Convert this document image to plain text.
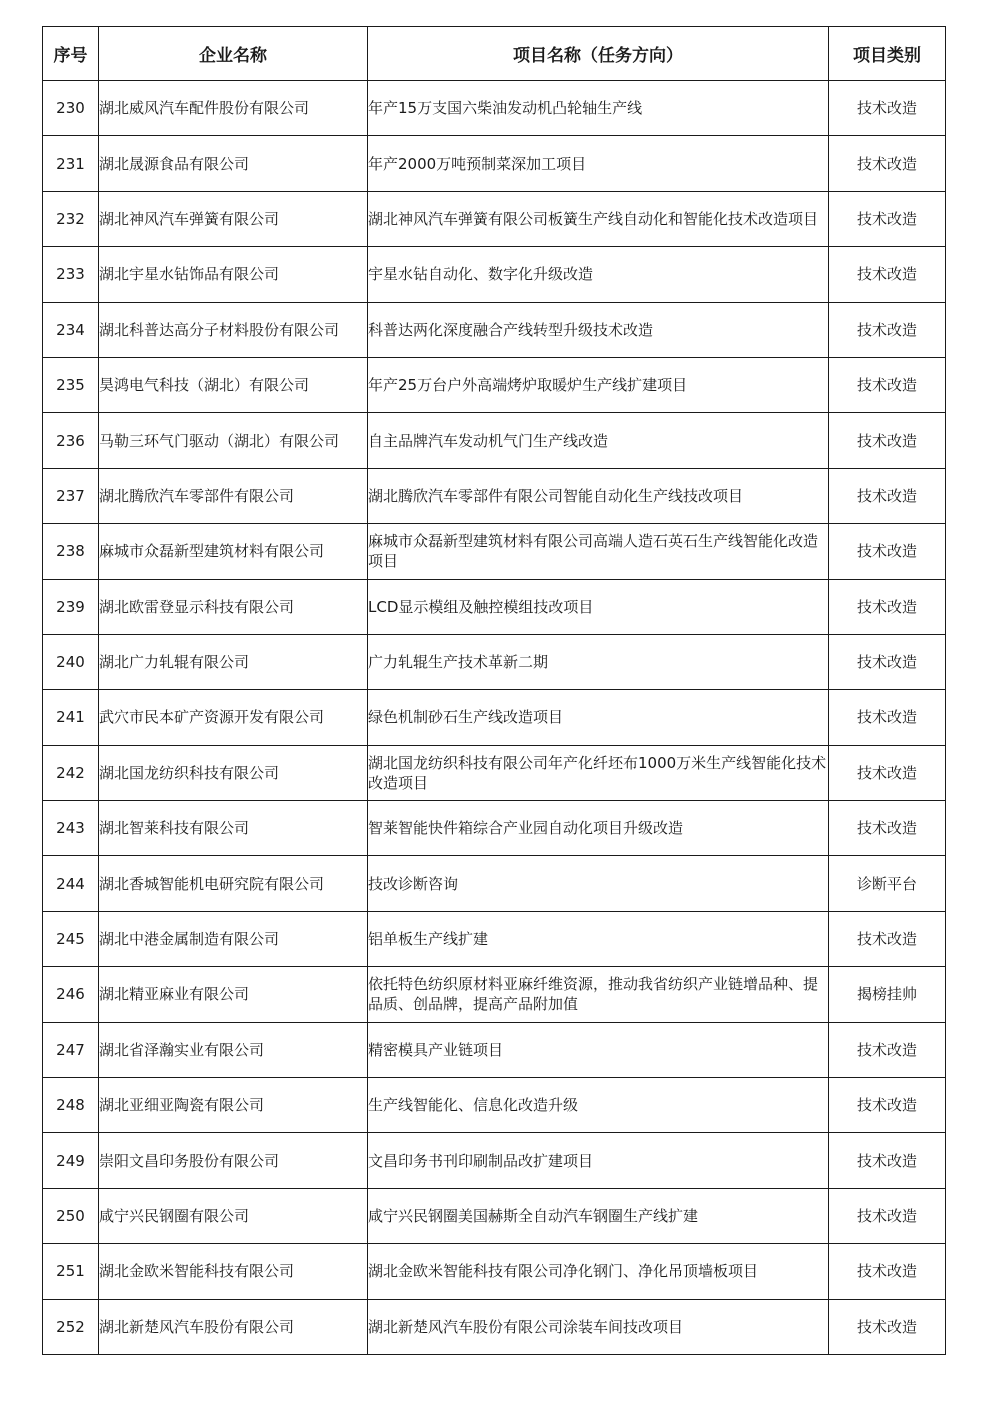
序号	企业名称	项目名称（任务方向）	项目类别
230	湖北威风汽车配件股份有限公司	年产15万支国六柴油发动机凸轮轴生产线	技术改造
231	湖北晟源食品有限公司	年产2000万吨预制菜深加工项目	技术改造
232	湖北神风汽车弹簧有限公司	湖北神风汽车弹簧有限公司板簧生产线自动化和智能化技术改造项目	技术改造
233	湖北宇星水钻饰品有限公司	宇星水钻自动化、数字化升级改造	技术改造
234	湖北科普达高分子材料股份有限公司	科普达两化深度融合产线转型升级技术改造	技术改造
235	昊鸿电气科技（湖北）有限公司	年产25万台户外高端烤炉取暖炉生产线扩建项目	技术改造
236	马勒三环气门驱动（湖北）有限公司	自主品牌汽车发动机气门生产线改造	技术改造
237	湖北腾欣汽车零部件有限公司	湖北腾欣汽车零部件有限公司智能自动化生产线技改项目	技术改造
238	麻城市众磊新型建筑材料有限公司	麻城市众磊新型建筑材料有限公司高端人造石英石生产线智能化改造项目	技术改造
239	湖北欧雷登显示科技有限公司	LCD显示模组及触控模组技改项目	技术改造
240	湖北广力轧辊有限公司	广力轧辊生产技术革新二期	技术改造
241	武穴市民本矿产资源开发有限公司	绿色机制砂石生产线改造项目	技术改造
242	湖北国龙纺织科技有限公司	湖北国龙纺织科技有限公司年产化纤坯布1000万米生产线智能化技术改造项目	技术改造
243	湖北智莱科技有限公司	智莱智能快件箱综合产业园自动化项目升级改造	技术改造
244	湖北香城智能机电研究院有限公司	技改诊断咨询	诊断平台
245	湖北中港金属制造有限公司	铝单板生产线扩建	技术改造
246	湖北精亚麻业有限公司	依托特色纺织原材料亚麻纤维资源，推动我省纺织产业链增品种、提品质、创品牌，提高产品附加值	揭榜挂帅
247	湖北省泽瀚实业有限公司	精密模具产业链项目	技术改造
248	湖北亚细亚陶瓷有限公司	生产线智能化、信息化改造升级	技术改造
249	崇阳文昌印务股份有限公司	文昌印务书刊印刷制品改扩建项目	技术改造
250	咸宁兴民钢圈有限公司	咸宁兴民钢圈美国赫斯全自动汽车钢圈生产线扩建	技术改造
251	湖北金欧米智能科技有限公司	湖北金欧米智能科技有限公司净化钢门、净化吊顶墙板项目	技术改造
252	湖北新楚风汽车股份有限公司	湖北新楚风汽车股份有限公司涂装车间技改项目	技术改造
